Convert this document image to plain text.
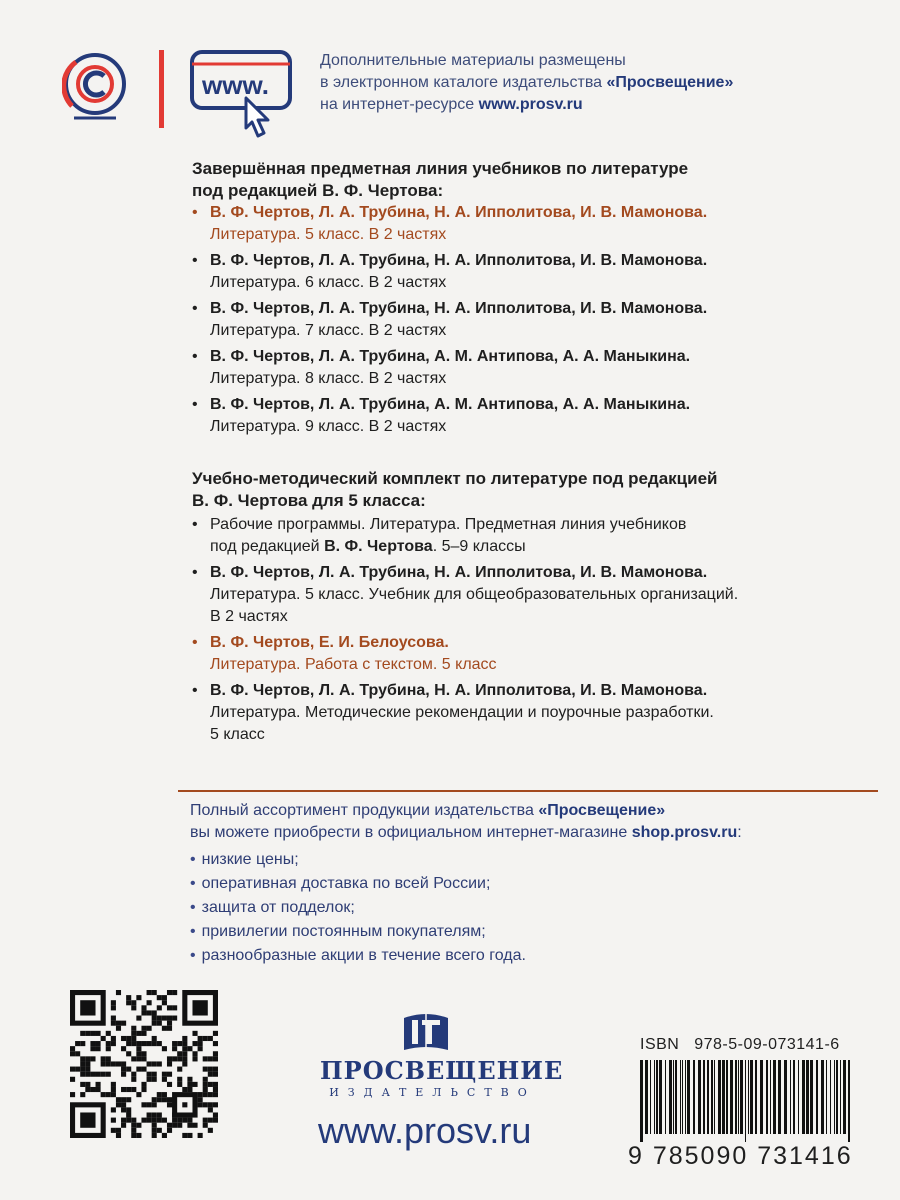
www.
Дополнительные материалы размещены
в электронном каталоге издательства «Просвещение»
на интернет-ресурсе www.prosv.ru
Завершённая предметная линия учебников по литературе
под редакцией В. Ф. Чертова:
• В. Ф. Чертов, Л. А. Трубина, Н. А. Ипполитова, И. В. Мамонова.
Литература. 5 класс. В 2 частях
• В. Ф. Чертов, Л. А. Трубина, Н. А. Ипполитова, И. В. Мамонова.
Литература. 6 класс. В 2 частях
• В. Ф. Чертов, Л. А. Трубина, Н. А. Ипполитова, И. В. Мамонова.
Литература. 7 класс. В 2 частях
• В. Ф. Чертов, Л. А. Трубина, А. М. Антипова, А. А. Маныкина.
Литература. 8 класс. В 2 частях
• В. Ф. Чертов, Л. А. Трубина, А. М. Антипова, А. А. Маныкина.
Литература. 9 класс. В 2 частях
Учебно-методический комплект по литературе под редакцией
В. Ф. Чертова для 5 класса:
• Рабочие программы. Литература. Предметная линия учебников
под редакцией В. Ф. Чертова. 5–9 классы
• В. Ф. Чертов, Л. А. Трубина, Н. А. Ипполитова, И. В. Мамонова.
Литература. 5 класс. Учебник для общеобразовательных организаций.
В 2 частях
• В. Ф. Чертов, Е. И. Белоусова.
Литература. Работа с текстом. 5 класс
• В. Ф. Чертов, Л. А. Трубина, Н. А. Ипполитова, И. В. Мамонова.
Литература. Методические рекомендации и поурочные разработки.
5 класс
Полный ассортимент продукции издательства «Просвещение»
вы можете приобрести в официальном интернет-магазине shop.prosv.ru:
• низкие цены;
• оперативная доставка по всей России;
• защита от подделок;
• привилегии постоянным покупателям;
• разнообразные акции в течение всего года.
ПРОСВЕЩЕНИЕ
ИЗДАТЕЛЬСТВО
www.prosv.ru
ISBN 978-5-09-073141-6
9 785090 731416
